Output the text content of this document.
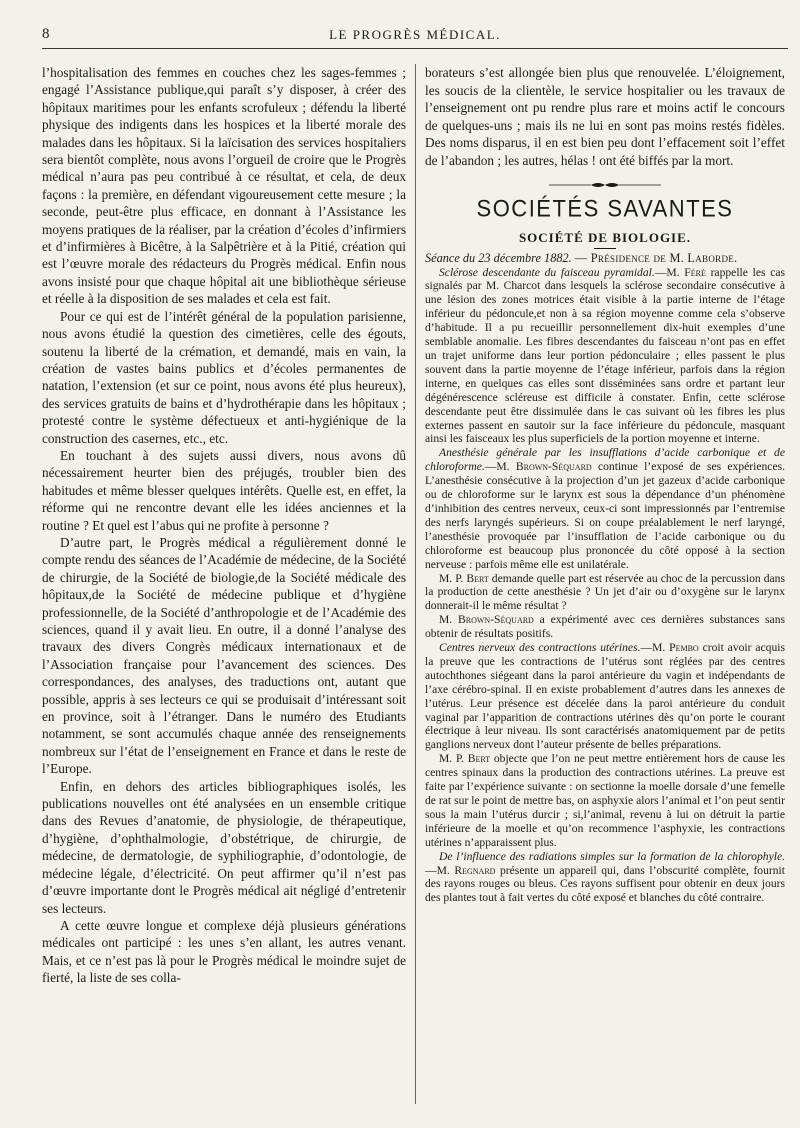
8	LE PROGRÈS MÉDICAL.

l’hospitalisation des femmes en couches chez les sages-femmes ; engagé l’Assistance publique,qui paraît s’y disposer, à créer des hôpitaux maritimes pour les enfants scrofuleux ; défendu la liberté physique des indigents dans les hospices et la liberté morale des malades dans les hôpitaux. Si la laïcisation des services hospitaliers sera bientôt complète, nous avons l’orgueil de croire que le Progrès médical n’aura pas peu contribué à ce résultat, et cela, de deux façons : la première, en défendant vigoureusement cette mesure ; la seconde, peut-être plus efficace, en donnant à l’Assistance les moyens pratiques de la réaliser, par la création d’écoles d’infirmiers et d’infirmières à Bicêtre, à la Salpêtrière et à la Pitié, création qui est l’œuvre morale des rédacteurs du Progrès médical. Enfin nous avons insisté pour que chaque hôpital ait une bibliothèque sérieuse et réelle à la disposition de ses malades et cela est fait.

Pour ce qui est de l’intérêt général de la population parisienne, nous avons étudié la question des cimetières, celle des égouts, soutenu la liberté de la crémation, et demandé, mais en vain, la création de vastes bains publics et d’écoles permanentes de natation, l’extension (et sur ce point, nous avons été plus heureux), des services gratuits de bains et d’hydrothérapie dans les hôpitaux ; protesté contre le système défectueux et anti-hygiénique de la construction des casernes, etc., etc.

En touchant à des sujets aussi divers, nous avons dû nécessairement heurter bien des préjugés, troubler bien des habitudes et même blesser quelques intérêts. Quelle est, en effet, la réforme qui ne rencontre devant elle les idées anciennes et la routine ? Et quel est l’abus qui ne profite à personne ?

D’autre part, le Progrès médical a régulièrement donné le compte rendu des séances de l’Académie de médecine, de la Société de chirurgie, de la Société de biologie,de la Société médicale des hôpitaux,de la Société de médecine publique et d’hygiène professionnelle, de la Société d’anthropologie et de l’Académie des sciences, quand il y avait lieu. En outre, il a donné l’analyse des travaux des divers Congrès médicaux internationaux et de l’Association française pour l’avancement des sciences. Des correspondances, des analyses, des traductions ont, autant que possible, appris à ses lecteurs ce qui se produisait d’intéressant soit en province, soit à l’étranger. Dans le numéro des Etudiants notamment, se sont accumulés chaque année des renseignements nombreux sur l’état de l’enseignement en France et dans le reste de l’Europe.

Enfin, en dehors des articles bibliographiques isolés, les publications nouvelles ont été analysées en un ensemble critique dans des Revues d’anatomie, de physiologie, de thérapeutique, d’hygiène, d’ophthalmologie, d’obstétrique, de chirurgie, de médecine, de dermatologie, de syphiliographie, d’odontologie, de médecine légale, d’électricité. On peut affirmer qu’il n’est pas d’œuvre importante dont le Progrès médical ait négligé d’entretenir ses lecteurs.

A cette œuvre longue et complexe déjà plusieurs générations médicales ont participé : les unes s’en allant, les autres venant. Mais, et ce n’est pas là pour le Progrès médical le moindre sujet de fierté, la liste de ses colla-

borateurs s’est allongée bien plus que renouvelée. L’éloignement, les soucis de la clientèle, le service hospitalier ou les travaux de l’enseignement ont pu rendre plus rare et moins actif le concours de quelques-uns ; mais ils ne lui en sont pas moins restés fidèles. Des noms disparus, il en est bien peu dont l’effacement soit l’effet de l’abandon ; les autres, hélas ! ont été biffés par la mort.

SOCIÉTÉS SAVANTES
SOCIÉTÉ DE BIOLOGIE.

Séance du 23 décembre 1882. — Présidence de M. Laborde.

Sclérose descendante du faisceau pyramidal.—M. Féré rappelle les cas signalés par M. Charcot dans lesquels la sclérose secondaire consécutive à une lésion des zones motrices était visible à la partie interne de l’étage inférieur du pédoncule,et non à sa région moyenne comme cela s’observe d’habitude. Il a pu recueillir personnellement dix-huit exemples d’une semblable anomalie. Les fibres descendantes du faisceau n’ont pas en effet un trajet uniforme dans leur portion pédonculaire ; elles passent le plus souvent dans la partie moyenne de l’étage inférieur, parfois dans la région interne, en quelques cas elles sont disséminées sans ordre et partant leur dégénérescence scléreuse est difficile à constater. Enfin, cette sclérose descendante peut être dissimulée dans le cas suivant où les fibres les plus externes passent en sautoir sur la face inférieure du pédoncule, masquant ainsi les faisceaux les plus superficiels de la portion moyenne et interne.

Anesthésie générale par les insufflations d’acide carbonique et de chloroforme.—M. Brown-Séquard continue l’exposé de ses expériences. L’anesthésie consécutive à la projection d’un jet gazeux d’acide carbonique ou de chloroforme sur le larynx est sous la dépendance d’un phénomène d’inhibition des centres nerveux, ceux-ci sont impressionnés par l’entremise des nerfs laryngés supérieurs. Si on coupe préalablement le nerf laryngé, l’anesthésie provoquée par l’insufflation de l’acide carbonique ou du chloroforme est beaucoup plus prononcée du côté opposé à la section nerveuse : parfois même elle est unilatérale.

M. P. Bert demande quelle part est réservée au choc de la percussion dans la production de cette anesthésie ? Un jet d’air ou d’oxygène sur le larynx donnerait-il le même résultat ?

M. Brown-Séquard a expérimenté avec ces dernières substances sans obtenir de résultats positifs.

Centres nerveux des contractions utérines.—M. Pembo croit avoir acquis la preuve que les contractions de l’utérus sont réglées par des centres autochthones siégeant dans la paroi antérieure du vagin et indépendants de l’axe cérébro-spinal. Il en existe probablement d’autres dans les annexes de l’utérus. Leur présence est décelée dans la paroi antérieure du conduit vaginal par l’apparition de contractions utérines dès qu’on porte le courant électrique à leur niveau. Ils sont caractérisés anatomiquement par de petits ganglions nerveux dont l’auteur présente de belles préparations.

M. P. Bert objecte que l’on ne peut mettre entièrement hors de cause les centres spinaux dans la production des contractions utérines. La preuve est faite par l’expérience suivante : on sectionne la moelle dorsale d’une femelle de rat sur le point de mettre bas, on asphyxie alors l’animal et l’on peut sentir sous la main l’utérus durcir ; si,l’animal, revenu à lui on détruit la partie inférieure de la moelle et qu’on recommence l’asphyxie, les contractions utérines n’apparaissent plus.

De l’influence des radiations simples sur la formation de la chlorophyle.—M. Regnard présente un appareil qui, dans l’obscurité complète, fournit des rayons rouges ou bleus. Ces rayons suffisent pour obtenir en deux jours des plantes tout à fait vertes du côté exposé et blanches du côté contraire.
